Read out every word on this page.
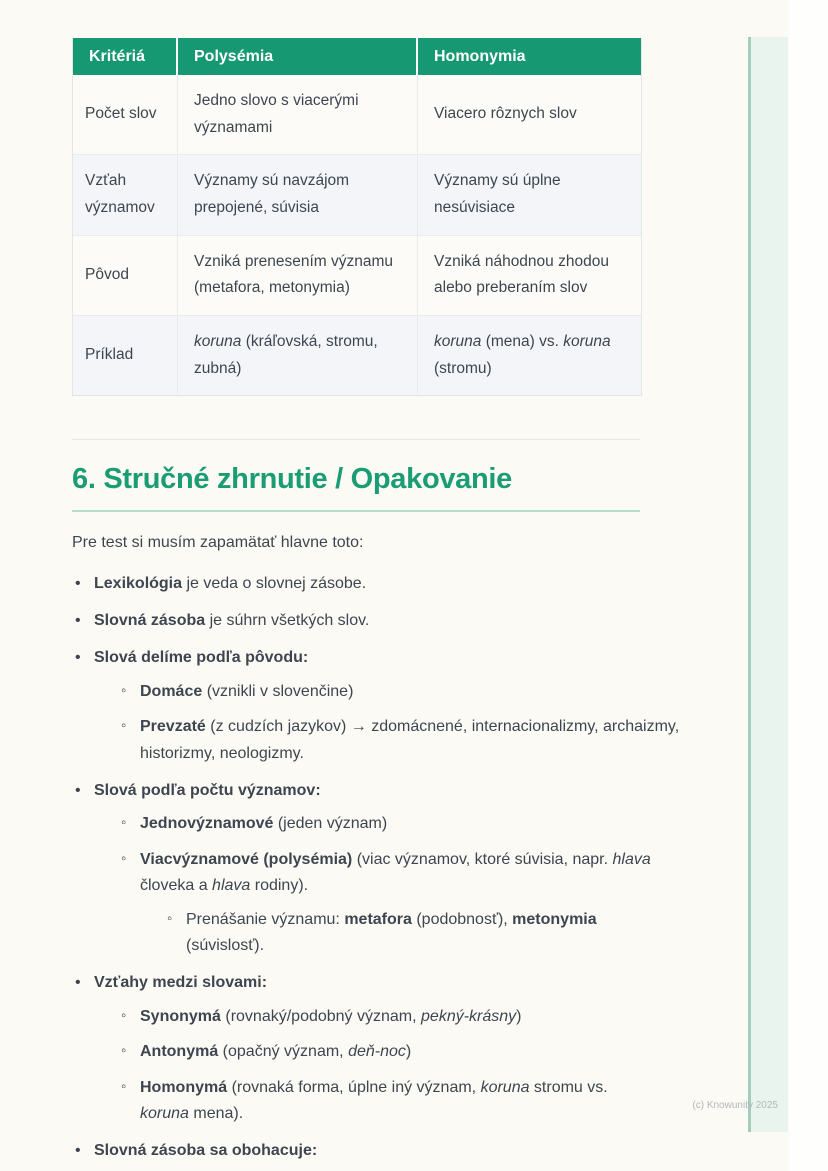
Kritériá	Polysémia	Homonymia
Počet slov	Jedno slovo s viacerými významami	Viacero rôznych slov
Vzťah významov	Významy sú navzájom prepojené, súvisia	Významy sú úplne nesúvisiace
Pôvod	Vzniká prenesením významu (metafora, metonymia)	Vzniká náhodnou zhodou alebo preberaním slov
Príklad	koruna (kráľovská, stromu, zubná)	koruna (mena) vs. koruna (stromu)
6. Stručné zhrnutie / Opakovanie

Pre test si musím zapamätať hlavne toto:

• Lexikológia je veda o slovnej zásobe.
• Slovná zásoba je súhrn všetkých slov.
• Slová delíme podľa pôvodu:
◦ Domáce (vznikli v slovenčine)
◦ Prevzaté (z cudzích jazykov) → zdomácnené, internacionalizmy, archaizmy, historizmy, neologizmy.
• Slová podľa počtu významov:
◦ Jednovýznamové (jeden význam)
◦ Viacvýznamové (polysémia) (viac významov, ktoré súvisia, napr. hlava človeka a hlava rodiny).
◦ Prenášanie významu: metafora (podobnosť), metonymia (súvislosť).
• Vzťahy medzi slovami:
◦ Synonymá (rovnaký/podobný význam, pekný-krásny)
◦ Antonymá (opačný význam, deň-noc)
◦ Homonymá (rovnaká forma, úplne iný význam, koruna stromu vs. koruna mena).
• Slovná zásoba sa obohacuje:
(c) Knowunity 2025
